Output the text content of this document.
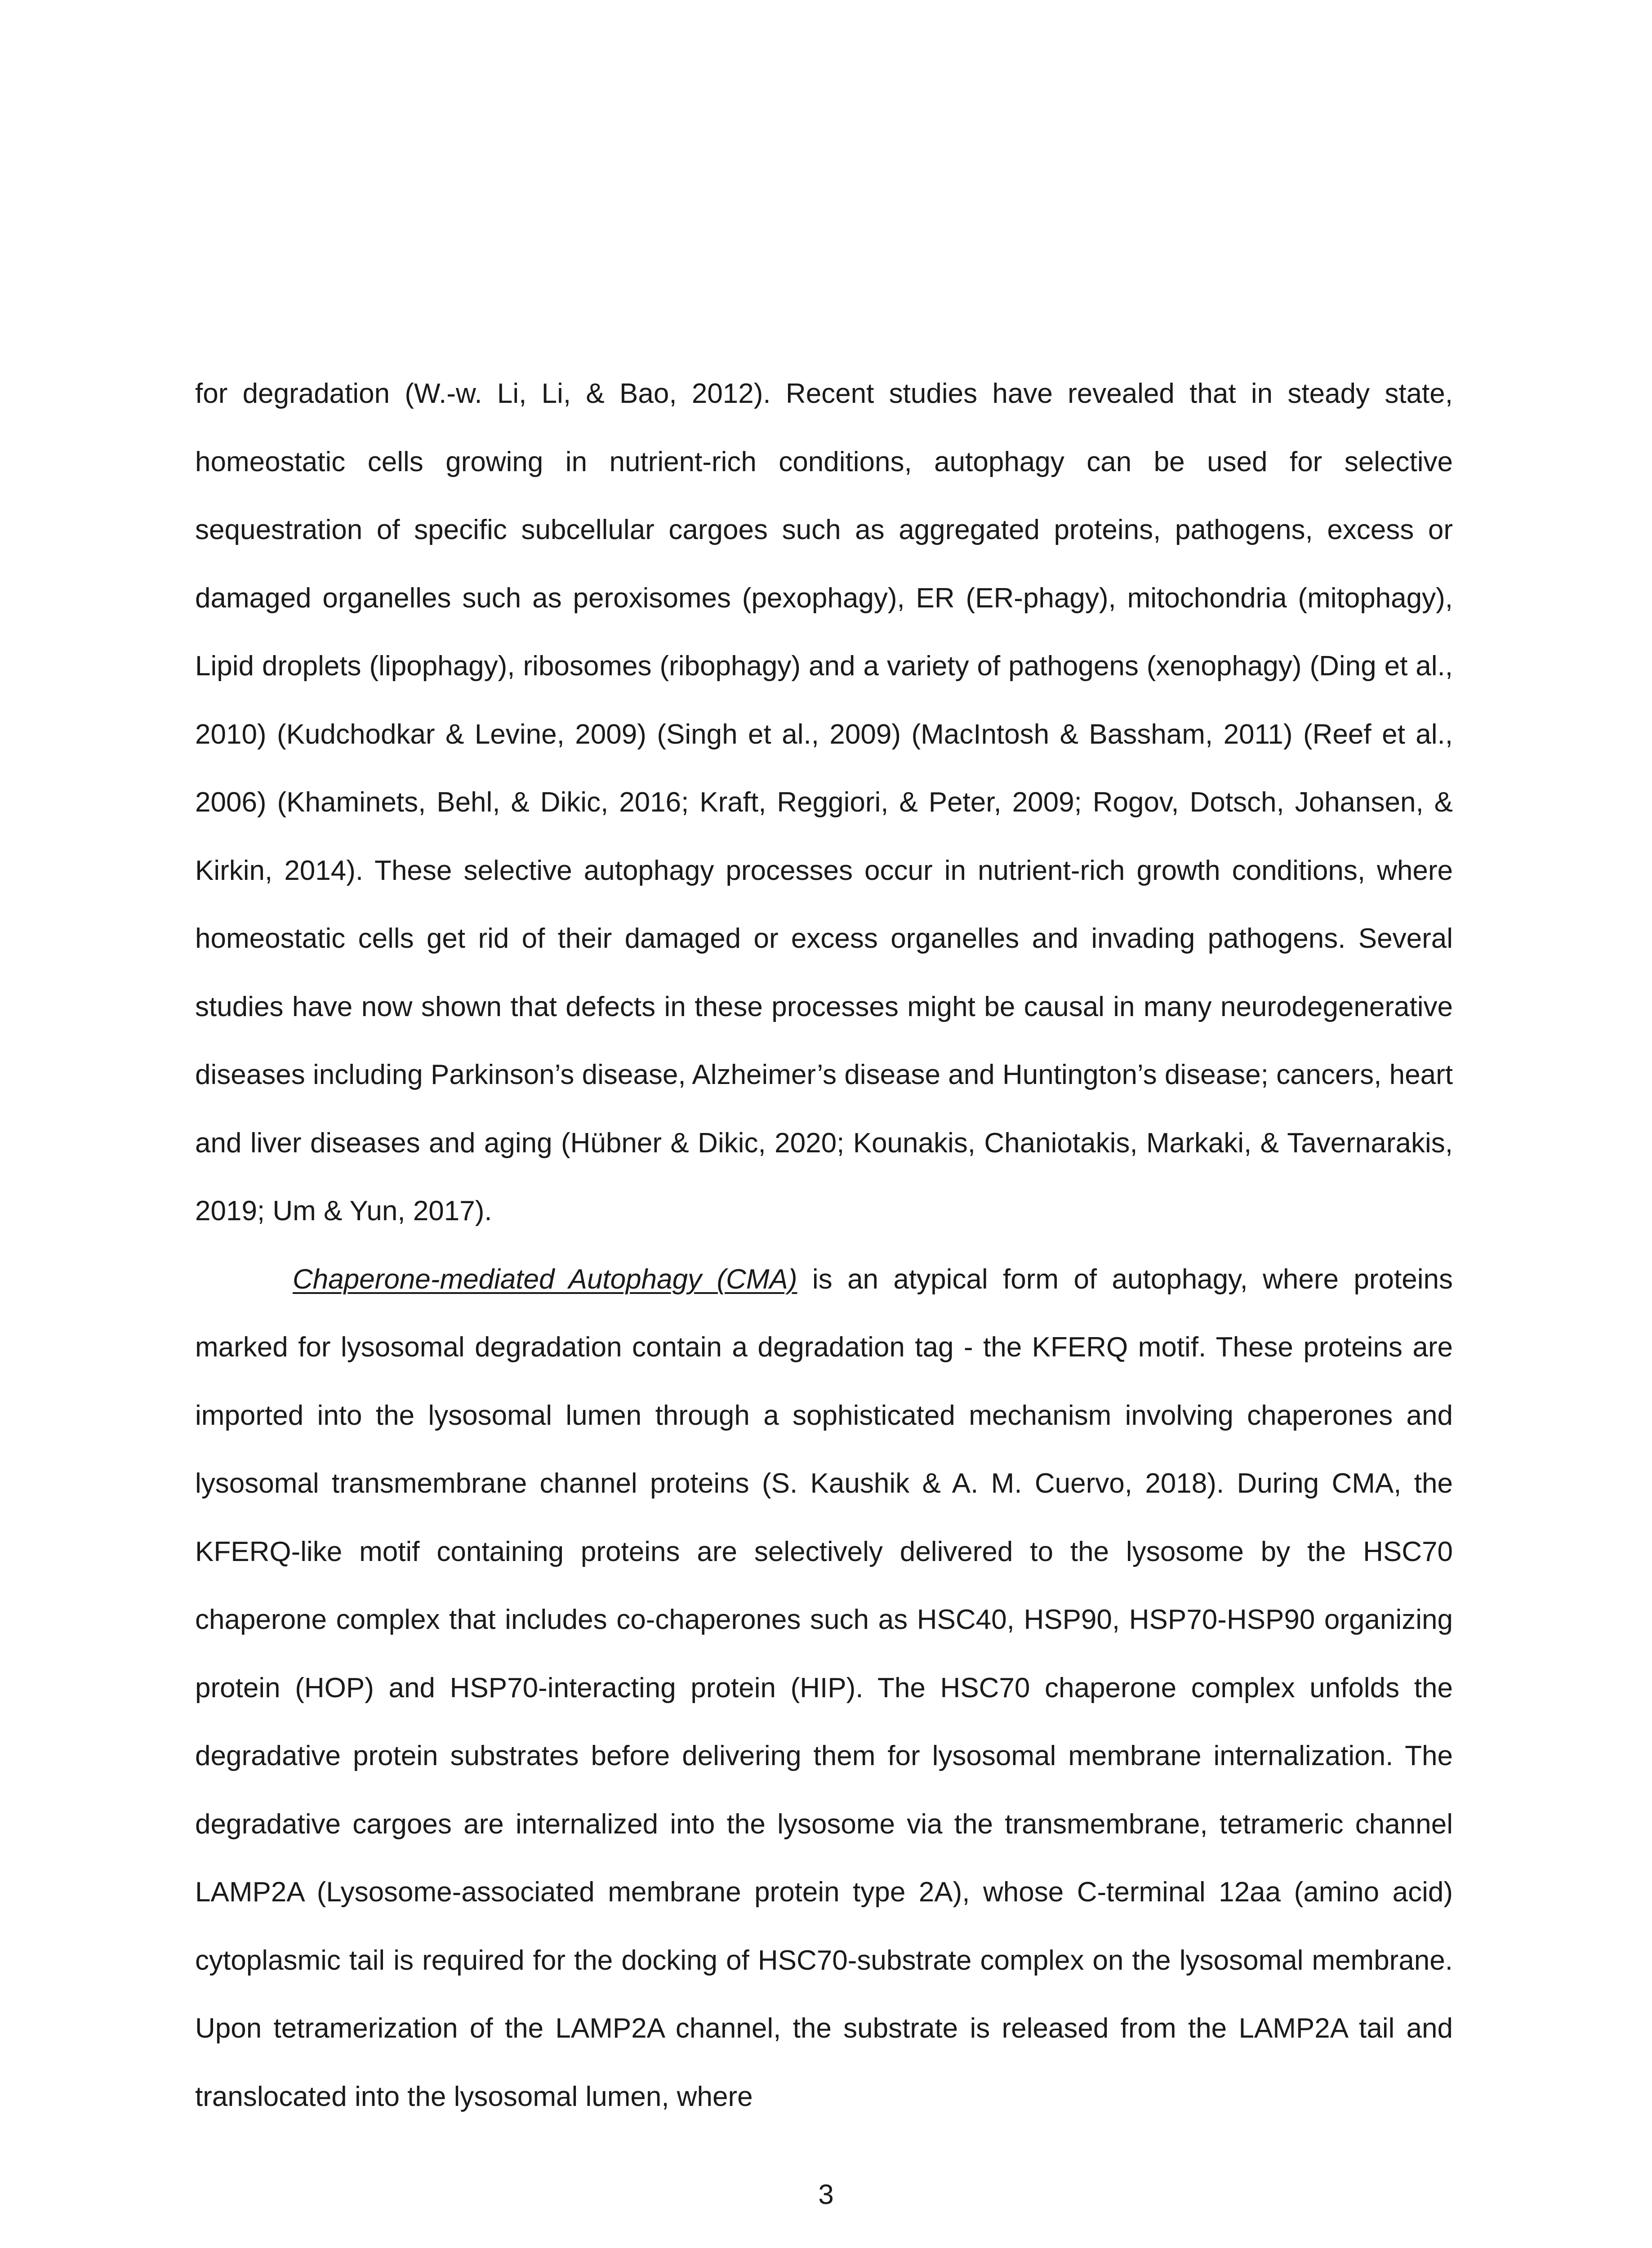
for degradation (W.-w. Li, Li, & Bao, 2012). Recent studies have revealed that in steady state, homeostatic cells growing in nutrient-rich conditions, autophagy can be used for selective sequestration of specific subcellular cargoes such as aggregated proteins, pathogens, excess or damaged organelles such as peroxisomes (pexophagy), ER (ER-phagy), mitochondria (mitophagy), Lipid droplets (lipophagy), ribosomes (ribophagy) and a variety of pathogens (xenophagy) (Ding et al., 2010) (Kudchodkar & Levine, 2009) (Singh et al., 2009) (MacIntosh & Bassham, 2011) (Reef et al., 2006) (Khaminets, Behl, & Dikic, 2016; Kraft, Reggiori, & Peter, 2009; Rogov, Dotsch, Johansen, & Kirkin, 2014). These selective autophagy processes occur in nutrient-rich growth conditions, where homeostatic cells get rid of their damaged or excess organelles and invading pathogens. Several studies have now shown that defects in these processes might be causal in many neurodegenerative diseases including Parkinson’s disease, Alzheimer’s disease and Huntington’s disease; cancers, heart and liver diseases and aging (Hübner & Dikic, 2020; Kounakis, Chaniotakis, Markaki, & Tavernarakis, 2019; Um & Yun, 2017).

Chaperone-mediated Autophagy (CMA) is an atypical form of autophagy, where proteins marked for lysosomal degradation contain a degradation tag - the KFERQ motif. These proteins are imported into the lysosomal lumen through a sophisticated mechanism involving chaperones and lysosomal transmembrane channel proteins (S. Kaushik & A. M. Cuervo, 2018). During CMA, the KFERQ-like motif containing proteins are selectively delivered to the lysosome by the HSC70 chaperone complex that includes co-chaperones such as HSC40, HSP90, HSP70-HSP90 organizing protein (HOP) and HSP70-interacting protein (HIP). The HSC70 chaperone complex unfolds the degradative protein substrates before delivering them for lysosomal membrane internalization. The degradative cargoes are internalized into the lysosome via the transmembrane, tetrameric channel LAMP2A (Lysosome-associated membrane protein type 2A), whose C-terminal 12aa (amino acid) cytoplasmic tail is required for the docking of HSC70-substrate complex on the lysosomal membrane. Upon tetramerization of the LAMP2A channel, the substrate is released from the LAMP2A tail and translocated into the lysosomal lumen, where

3
